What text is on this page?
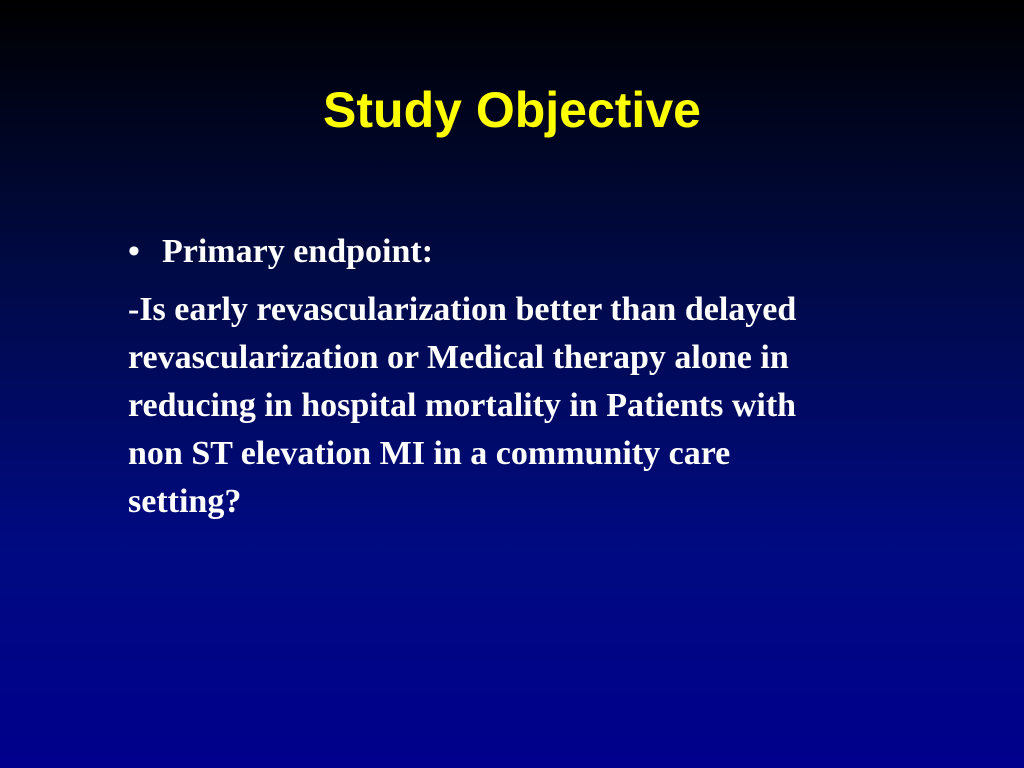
Study Objective
• Primary endpoint:
-Is early revascularization better than delayed
revascularization or Medical therapy alone in
reducing in hospital mortality in Patients with
non ST elevation MI in a community care
setting?
